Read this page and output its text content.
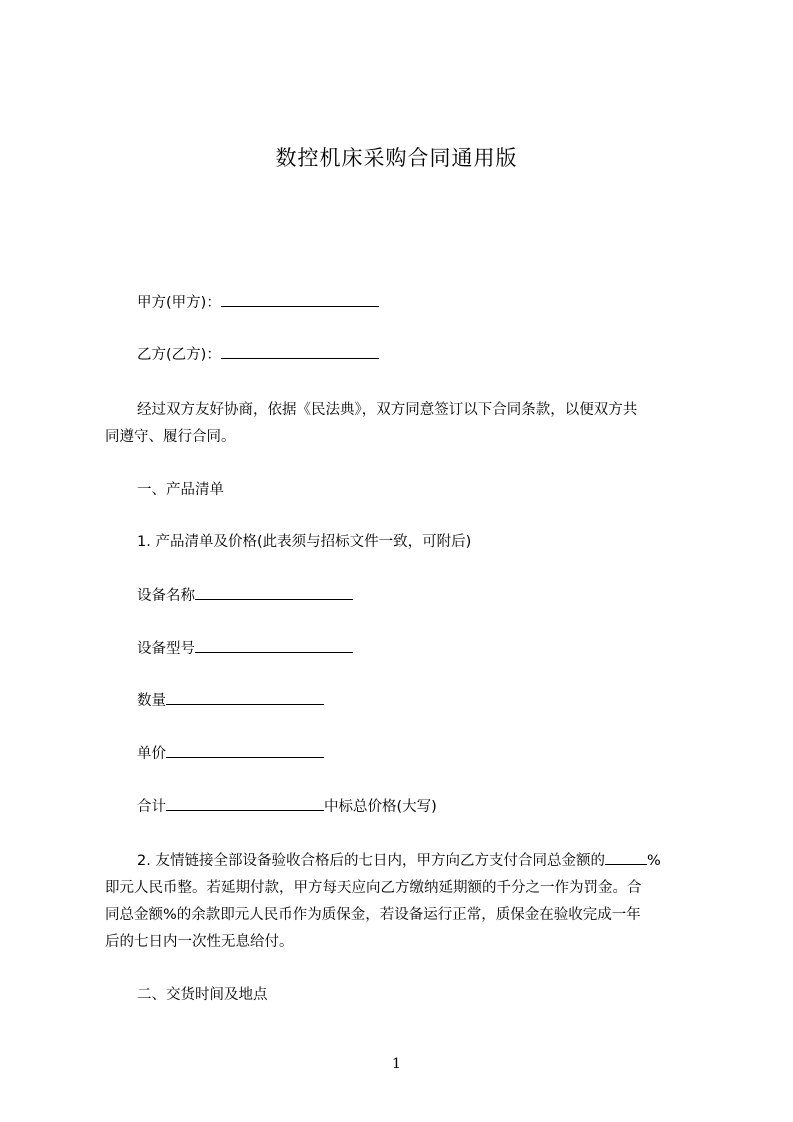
数控机床采购合同通用版
甲方(甲方)：
乙方(乙方)：
经过双方友好协商，依据《民法典》，双方同意签订以下合同条款，以便双方共
同遵守、履行合同。
一、产品清单
1. 产品清单及价格(此表须与招标文件一致，可附后)
设备名称
设备型号
数量
单价
合计	中标总价格(大写)
2. 友情链接全部设备验收合格后的七日内，甲方向乙方支付合同总金额的	%
即元人民币整。若延期付款，甲方每天应向乙方缴纳延期额的千分之一作为罚金。合
同总金额%的余款即元人民币作为质保金，若设备运行正常，质保金在验收完成一年
后的七日内一次性无息给付。
二、交货时间及地点
1
